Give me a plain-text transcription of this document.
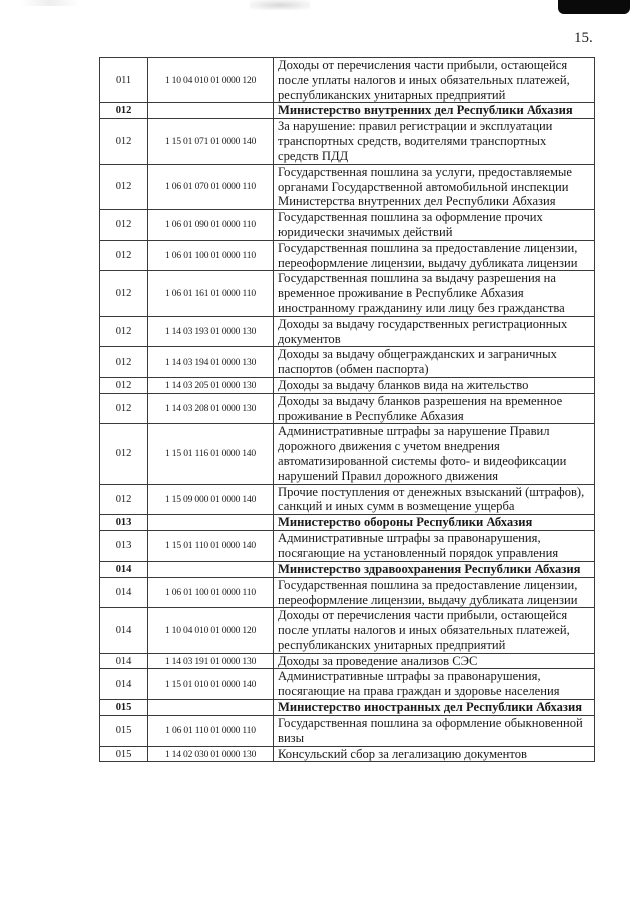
15.
011	1 10 04 010 01 0000 120	Доходы от перечисления части прибыли, остающейся после уплаты налогов и иных обязательных платежей, республиканских унитарных предприятий
012		Министерство внутренних дел Республики Абхазия
012	1 15 01 071 01 0000 140	За нарушение: правил регистрации и эксплуатации транспортных средств, водителями транспортных средств ПДД
012	1 06 01 070 01 0000 110	Государственная пошлина за услуги, предоставляемые органами Государственной автомобильной инспекции Министерства внутренних дел Республики Абхазия
012	1 06 01 090 01 0000 110	Государственная пошлина за оформление прочих юридически значимых действий
012	1 06 01 100 01 0000 110	Государственная пошлина за предоставление лицензии, переоформление лицензии, выдачу дубликата лицензии
012	1 06 01 161 01 0000 110	Государственная пошлина за выдачу разрешения на временное проживание в Республике Абхазия иностранному гражданину или лицу без гражданства
012	1 14 03 193 01 0000 130	Доходы за выдачу государственных регистрационных документов
012	1 14 03 194 01 0000 130	Доходы за выдачу общегражданских и заграничных паспортов (обмен паспорта)
012	1 14 03 205 01 0000 130	Доходы за выдачу бланков вида на жительство
012	1 14 03 208 01 0000 130	Доходы за выдачу бланков разрешения на временное проживание в Республике Абхазия
012	1 15 01 116 01 0000 140	Административные штрафы за нарушение Правил дорожного движения с учетом внедрения автоматизированной системы фото- и видеофиксации нарушений Правил дорожного движения
012	1 15 09 000 01 0000 140	Прочие поступления от денежных взысканий (штрафов), санкций и иных сумм в возмещение ущерба
013		Министерство обороны Республики Абхазия
013	1 15 01 110 01 0000 140	Административные штрафы за правонарушения, посягающие на установленный порядок управления
014		Министерство здравоохранения Республики Абхазия
014	1 06 01 100 01 0000 110	Государственная пошлина за предоставление лицензии, переоформление лицензии, выдачу дубликата лицензии
014	1 10 04 010 01 0000 120	Доходы от перечисления части прибыли, остающейся после уплаты налогов и иных обязательных платежей, республиканских унитарных предприятий
014	1 14 03 191 01 0000 130	Доходы за проведение анализов СЭС
014	1 15 01 010 01 0000 140	Административные штрафы за правонарушения, посягающие на права граждан и здоровье населения
015		Министерство иностранных дел Республики Абхазия
015	1 06 01 110 01 0000 110	Государственная пошлина за оформление обыкновенной визы
015	1 14 02 030 01 0000 130	Консульский сбор за легализацию документов
